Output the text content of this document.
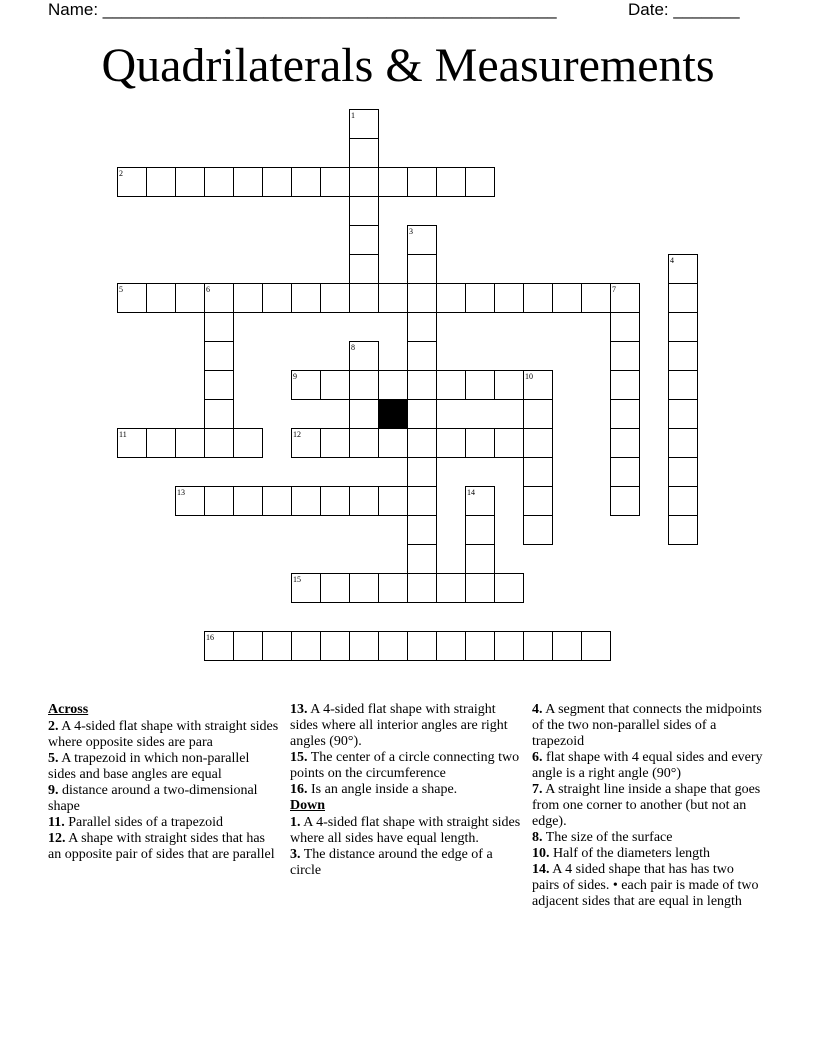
Name: ________________________________________________	Date: _______
Quadrilaterals & Measurements
2
5
9
11	12
13
15
16
1
3
4
6	7
8
10
14
Across
2. A 4-sided flat shape with straight sides where opposite sides are para
5. A trapezoid in which non-parallel sides and base angles are equal
9. distance around a two-dimensional shape
11. Parallel sides of a trapezoid
12. A shape with straight sides that has an opposite pair of sides that are parallel
13. A 4-sided flat shape with straight sides where all interior angles are right angles (90°).
15. The center of a circle connecting two points on the circumference
16. Is an angle inside a shape.
Down
1. A 4-sided flat shape with straight sides where all sides have equal length.
3. The distance around the edge of a circle
4. A segment that connects the midpoints of the two non-parallel sides of a trapezoid
6. flat shape with 4 equal sides and every angle is a right angle (90°)
7. A straight line inside a shape that goes from one corner to another (but not an edge).
8. The size of the surface
10. Half of the diameters length
14. A 4 sided shape that has has two pairs of sides. • each pair is made of two adjacent sides that are equal in length
